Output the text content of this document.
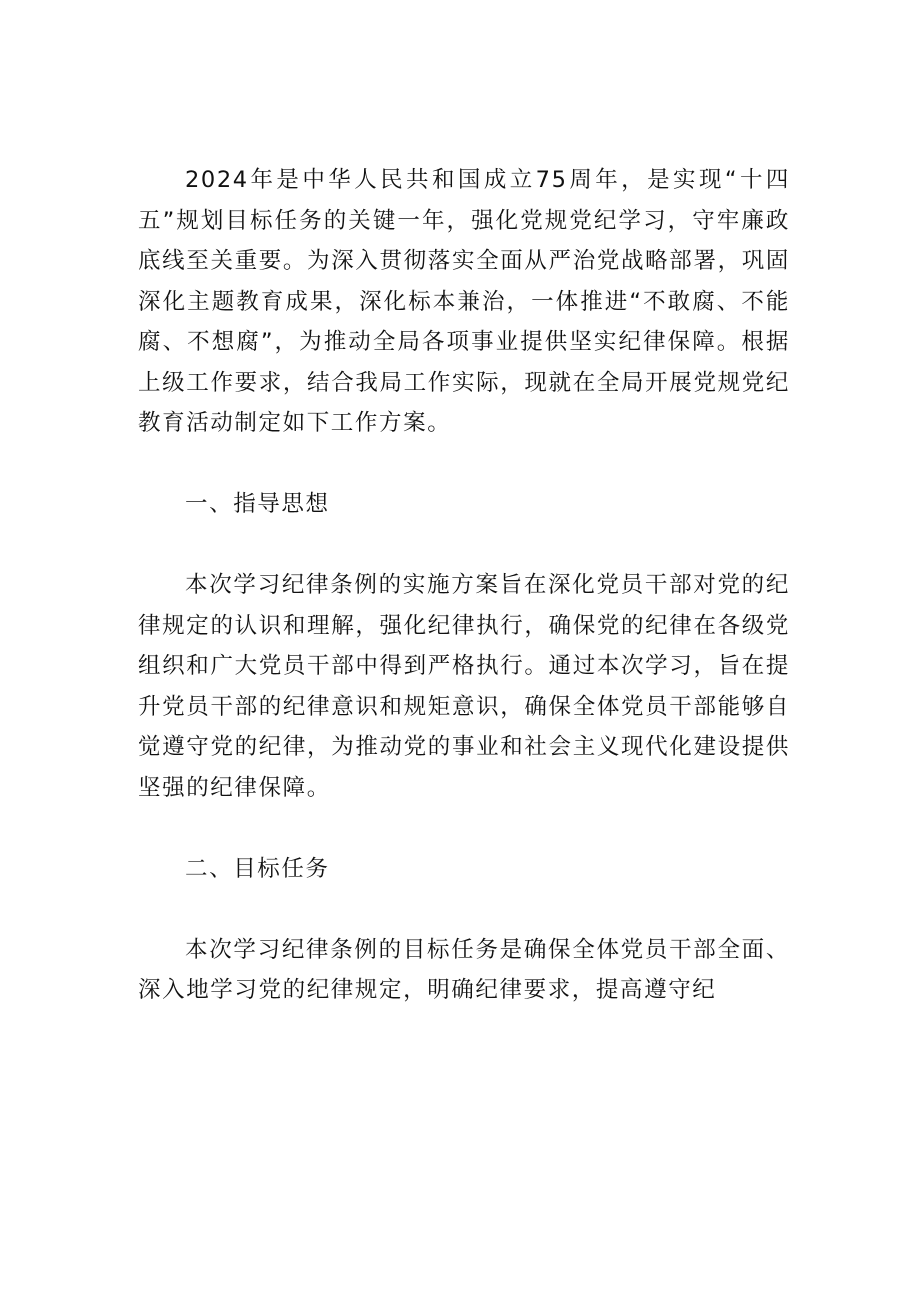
2024年是中华人民共和国成立75周年，是实现“十四五”规划目标任务的关键一年，强化党规党纪学习，守牢廉政底线至关重要。为深入贯彻落实全面从严治党战略部署，巩固深化主题教育成果，深化标本兼治，一体推进“不敢腐、不能腐、不想腐”，为推动全局各项事业提供坚实纪律保障。根据上级工作要求，结合我局工作实际，现就在全局开展党规党纪教育活动制定如下工作方案。

一、指导思想

本次学习纪律条例的实施方案旨在深化党员干部对党的纪律规定的认识和理解，强化纪律执行，确保党的纪律在各级党组织和广大党员干部中得到严格执行。通过本次学习，旨在提升党员干部的纪律意识和规矩意识，确保全体党员干部能够自觉遵守党的纪律，为推动党的事业和社会主义现代化建设提供坚强的纪律保障。

二、目标任务

本次学习纪律条例的目标任务是确保全体党员干部全面、深入地学习党的纪律规定，明确纪律要求，提高遵守纪
